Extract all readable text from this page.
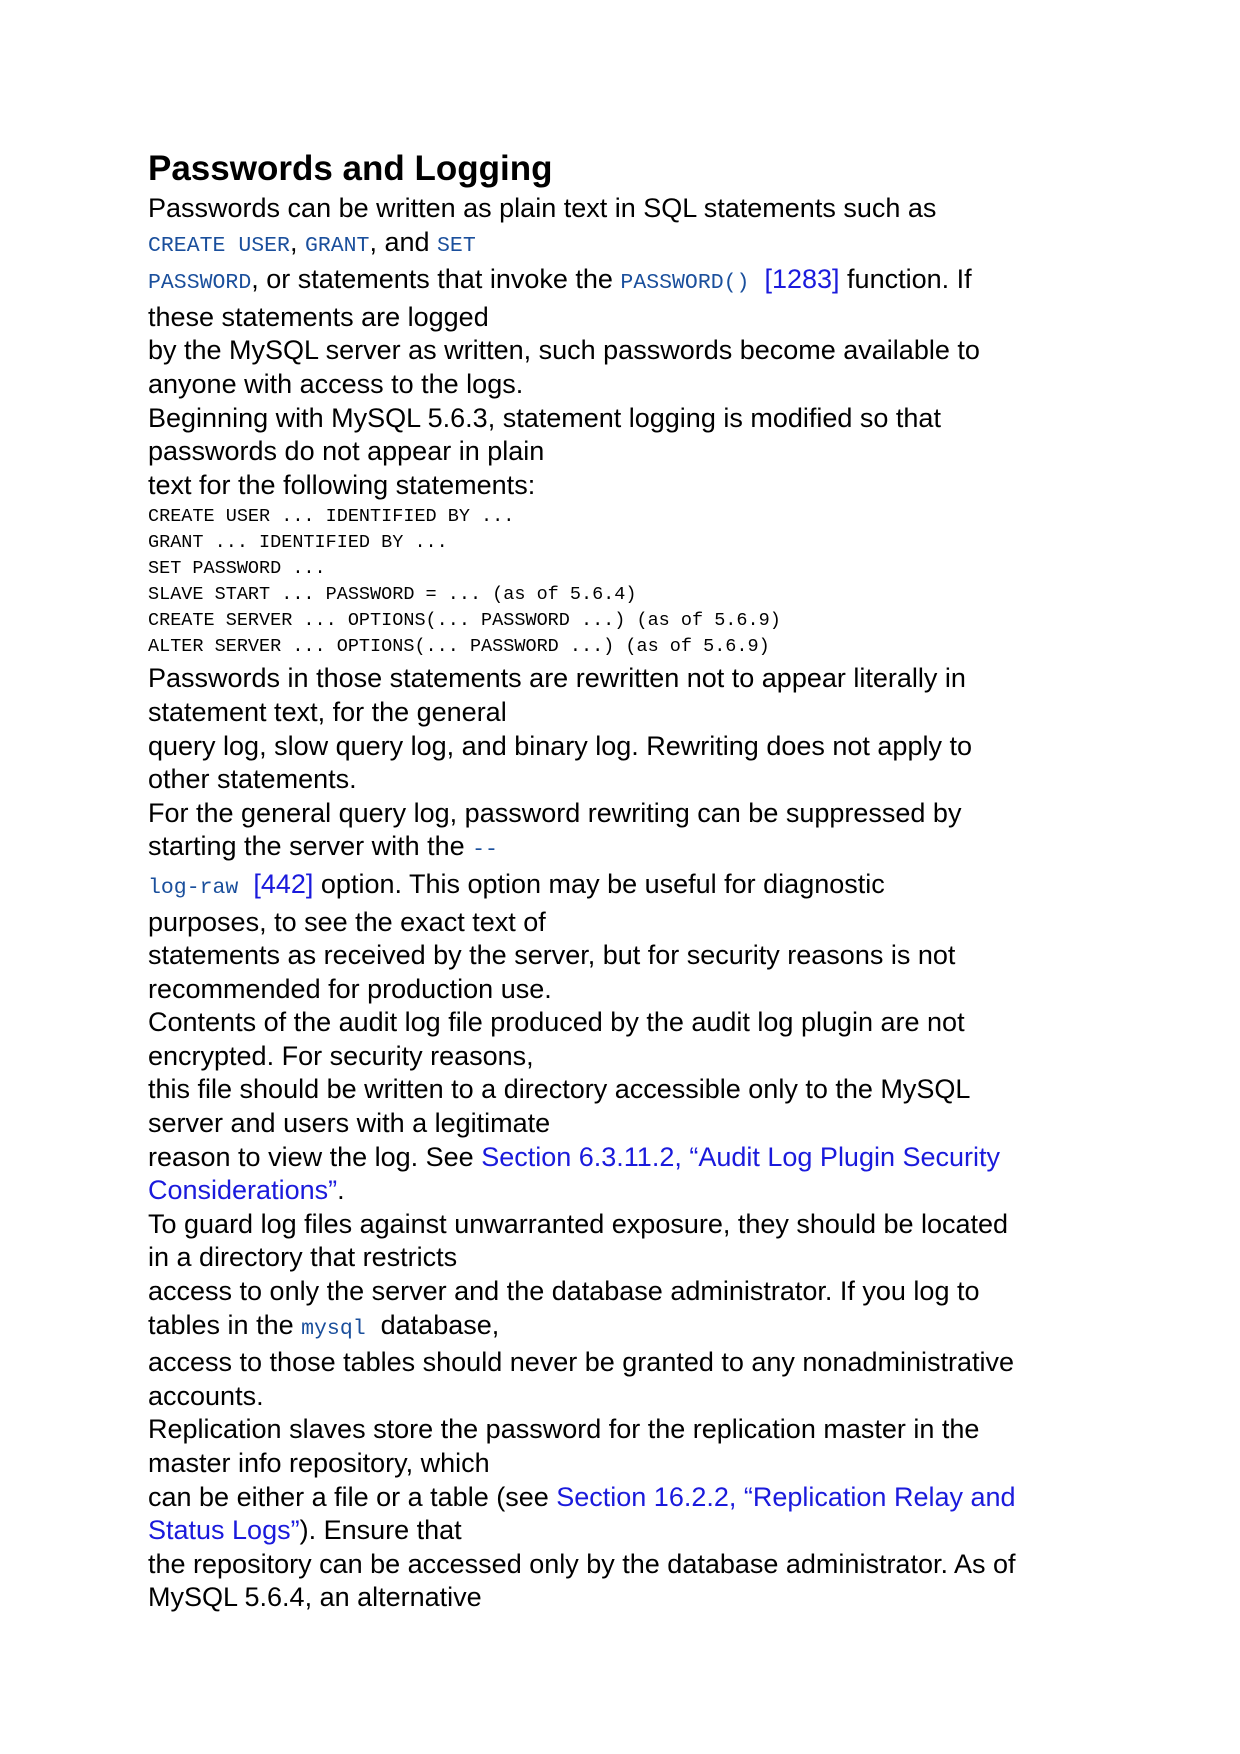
Passwords and Logging
Passwords can be written as plain text in SQL statements such as
CREATE USER, GRANT, and SET
PASSWORD, or statements that invoke the PASSWORD() [1283] function. If
these statements are logged
by the MySQL server as written, such passwords become available to
anyone with access to the logs.
Beginning with MySQL 5.6.3, statement logging is modified so that
passwords do not appear in plain
text for the following statements:
CREATE USER ... IDENTIFIED BY ...
GRANT ... IDENTIFIED BY ...
SET PASSWORD ...
SLAVE START ... PASSWORD = ... (as of 5.6.4)
CREATE SERVER ... OPTIONS(... PASSWORD ...) (as of 5.6.9)
ALTER SERVER ... OPTIONS(... PASSWORD ...) (as of 5.6.9)
Passwords in those statements are rewritten not to appear literally in
statement text, for the general
query log, slow query log, and binary log. Rewriting does not apply to
other statements.
For the general query log, password rewriting can be suppressed by
starting the server with the --
log-raw [442] option. This option may be useful for diagnostic
purposes, to see the exact text of
statements as received by the server, but for security reasons is not
recommended for production use.
Contents of the audit log file produced by the audit log plugin are not
encrypted. For security reasons,
this file should be written to a directory accessible only to the MySQL
server and users with a legitimate
reason to view the log. See Section 6.3.11.2, “Audit Log Plugin Security
Considerations”.
To guard log files against unwarranted exposure, they should be located
in a directory that restricts
access to only the server and the database administrator. If you log to
tables in the mysql  database,
access to those tables should never be granted to any nonadministrative
accounts.
Replication slaves store the password for the replication master in the
master info repository, which
can be either a file or a table (see Section 16.2.2, “Replication Relay and
Status Logs”). Ensure that
the repository can be accessed only by the database administrator. As of
MySQL 5.6.4, an alternative
